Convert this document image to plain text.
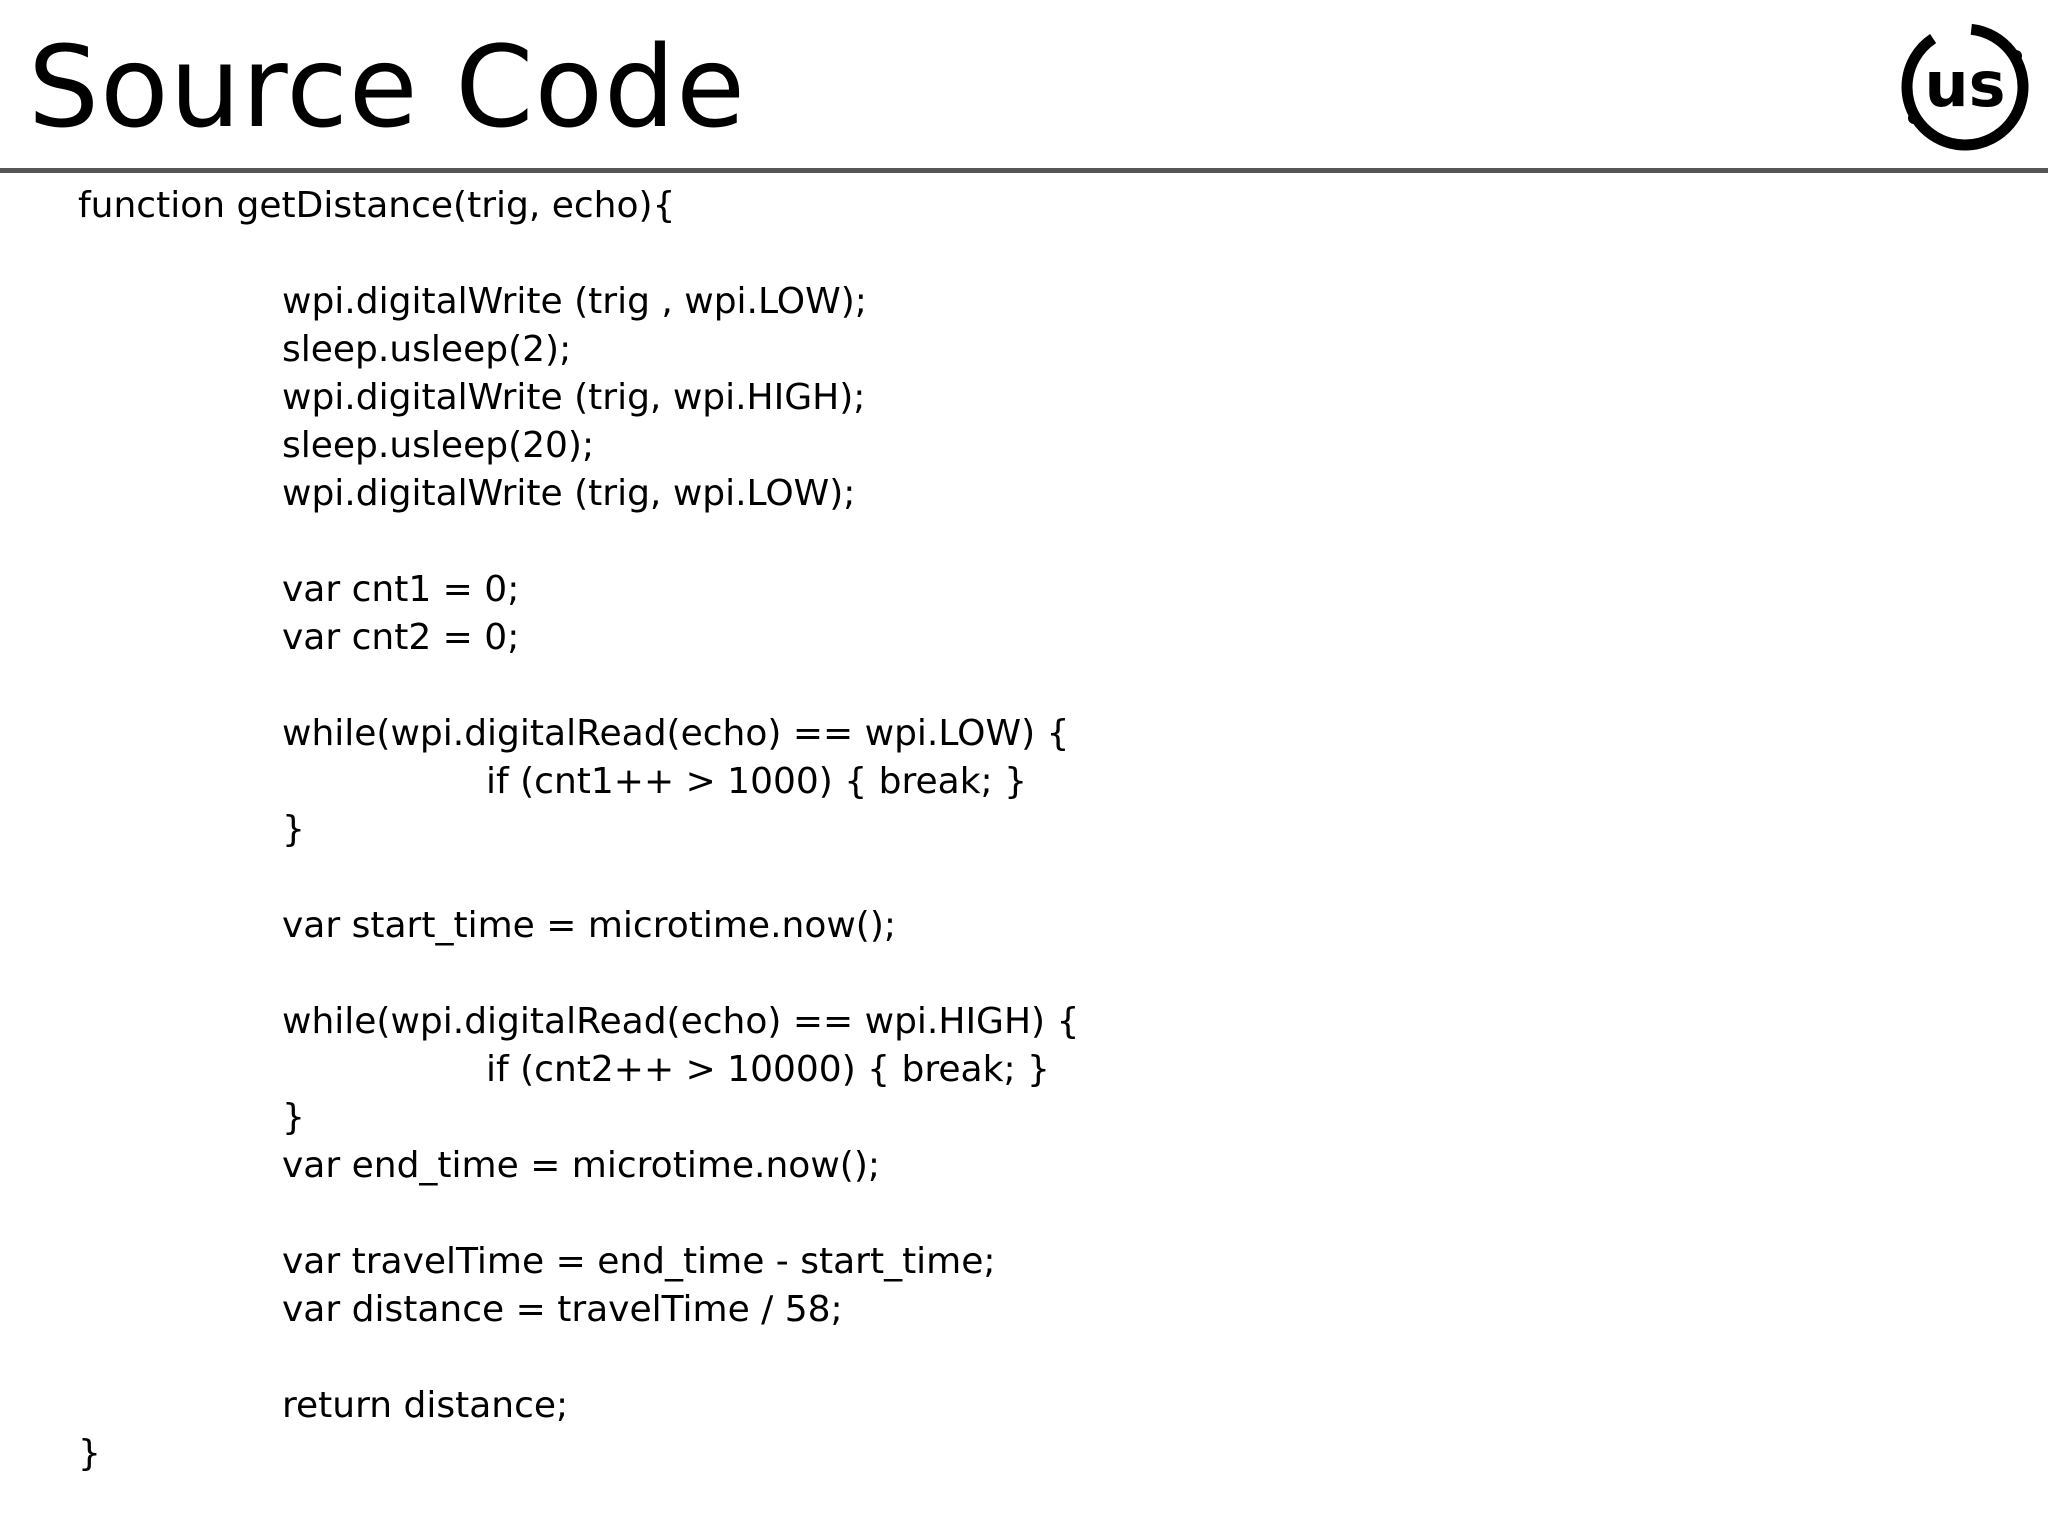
Source Code	us
function getDistance(trig, echo){
wpi.digitalWrite (trig , wpi.LOW);
sleep.usleep(2);
wpi.digitalWrite (trig, wpi.HIGH);
sleep.usleep(20);
wpi.digitalWrite (trig, wpi.LOW);
var cnt1 = 0;
var cnt2 = 0;
while(wpi.digitalRead(echo) == wpi.LOW) {
if (cnt1++ > 1000) { break; }
}
var start_time = microtime.now();
while(wpi.digitalRead(echo) == wpi.HIGH) {
if (cnt2++ > 10000) { break; }
}
var end_time = microtime.now();
var travelTime = end_time - start_time;
var distance = travelTime / 58;
return distance;
}
